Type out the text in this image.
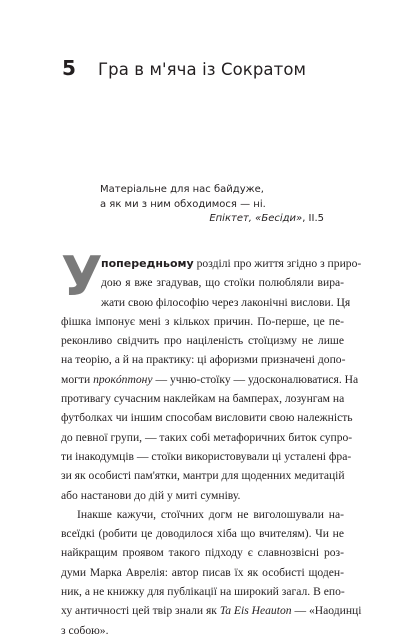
5	Гра в м'яча із Сократом
Матеріальне для нас байдуже,
а як ми з ним обходимося — ні.
Епіктет, «Бесіди», II.5
У
попередньому розділі про життя згідно з приро-
дою я вже згадував, що стоїки полюбляли вира-
жати свою філософію через лаконічні вислови. Ця
фішка імпонує мені з кількох причин. По-перше, це пе-
реконливо свідчить про націленість стоїцизму не лише
на теорію, а й на практику: ці афоризми призначені допо-
могти прокóптону — учню-стоїку — удосконалюватися. На
противагу сучасним наклейкам на бамперах, лозунгам на
футболках чи іншим способам висловити свою належність
до певної групи, — таких собі метафоричних биток супро-
ти інакодумців — стоїки використовували ці усталені фра-
зи як особисті пам'ятки, мантри для щоденних медитацій
або настанови до дій у миті сумніву.
Інакше кажучи, стоїчних догм не виголошували на-
всеїдкі (робити це доводилося хіба що вчителям). Чи не
найкращим проявом такого підходу є славнозвісні роз-
думи Марка Аврелія: автор писав їх як особисті щоден-
ник, а не книжку для публікації на широкий загал. В епо-
ху античності цей твір знали як Ta Eis Heauton — «Наодинці
з собою».
